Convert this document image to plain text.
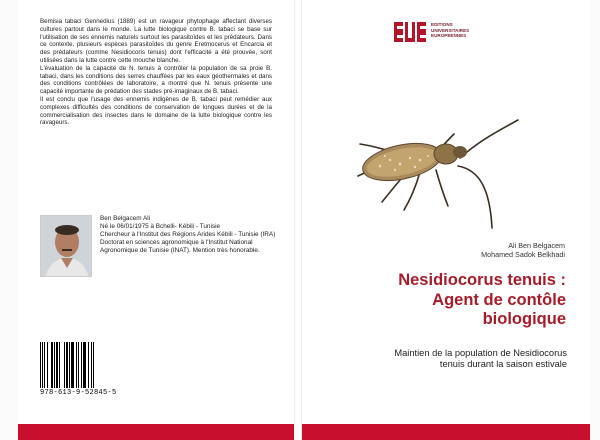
Bemisia tabaci Gennedius (1889) est un ravageur phytophage affectant diverses cultures partout dans le monde. La lutte biologique contre B. tabaci se base sur l'utilisation de ses ennemis naturels surtout les parasitoïdes et les prédateurs. Dans ce contexte, plusieurs espèces parasitoïdes du genre Eretmocerus et Encarcia et des prédateurs (comme Nesidiocoris tenuis) dont l'efficacité a été prouvée, sont utilisées dans la lutte contre cette mouche blanche.

L'évaluation de la capacité de N. tenuis à contrôler la population de sa proie B. tabaci, dans les conditions des serres chauffées par les eaux géothermales et dans des conditions contrôlées de laboratoire, a montré que N. tenuis présente une capacité importante de prédation des stades pré-imaginaux de B. tabaci.

Il est conclu que l'usage des ennemis indigènes de B. tabaci peut remédier aux complexes difficultés des conditions de conservation de longues durées et de la commercialisation des insectes dans le domaine de la lutte biologique contre les ravageurs.

Ben Belgacem Ali
Né le 06/01/1975 à Bchelli- Kébili - Tunisie
Chercheur à l'Institut des Régions Arides Kébili - Tunisie (IRA)
Doctorat en sciences agronomique à l'Institut National Agronomique de Tunisie (INAT). Mention très honorable.
978-613-9-52845-5
EDITIONS
UNIVERSITAIRES
EUROPEENNES
Ali Ben Belgacem
Mohamed Sadok Belkhadi
Nesidiocorus tenuis :
Agent de contôle
biologique
Maintien de la population de Nesidiocorus
tenuis durant la saison estivale
